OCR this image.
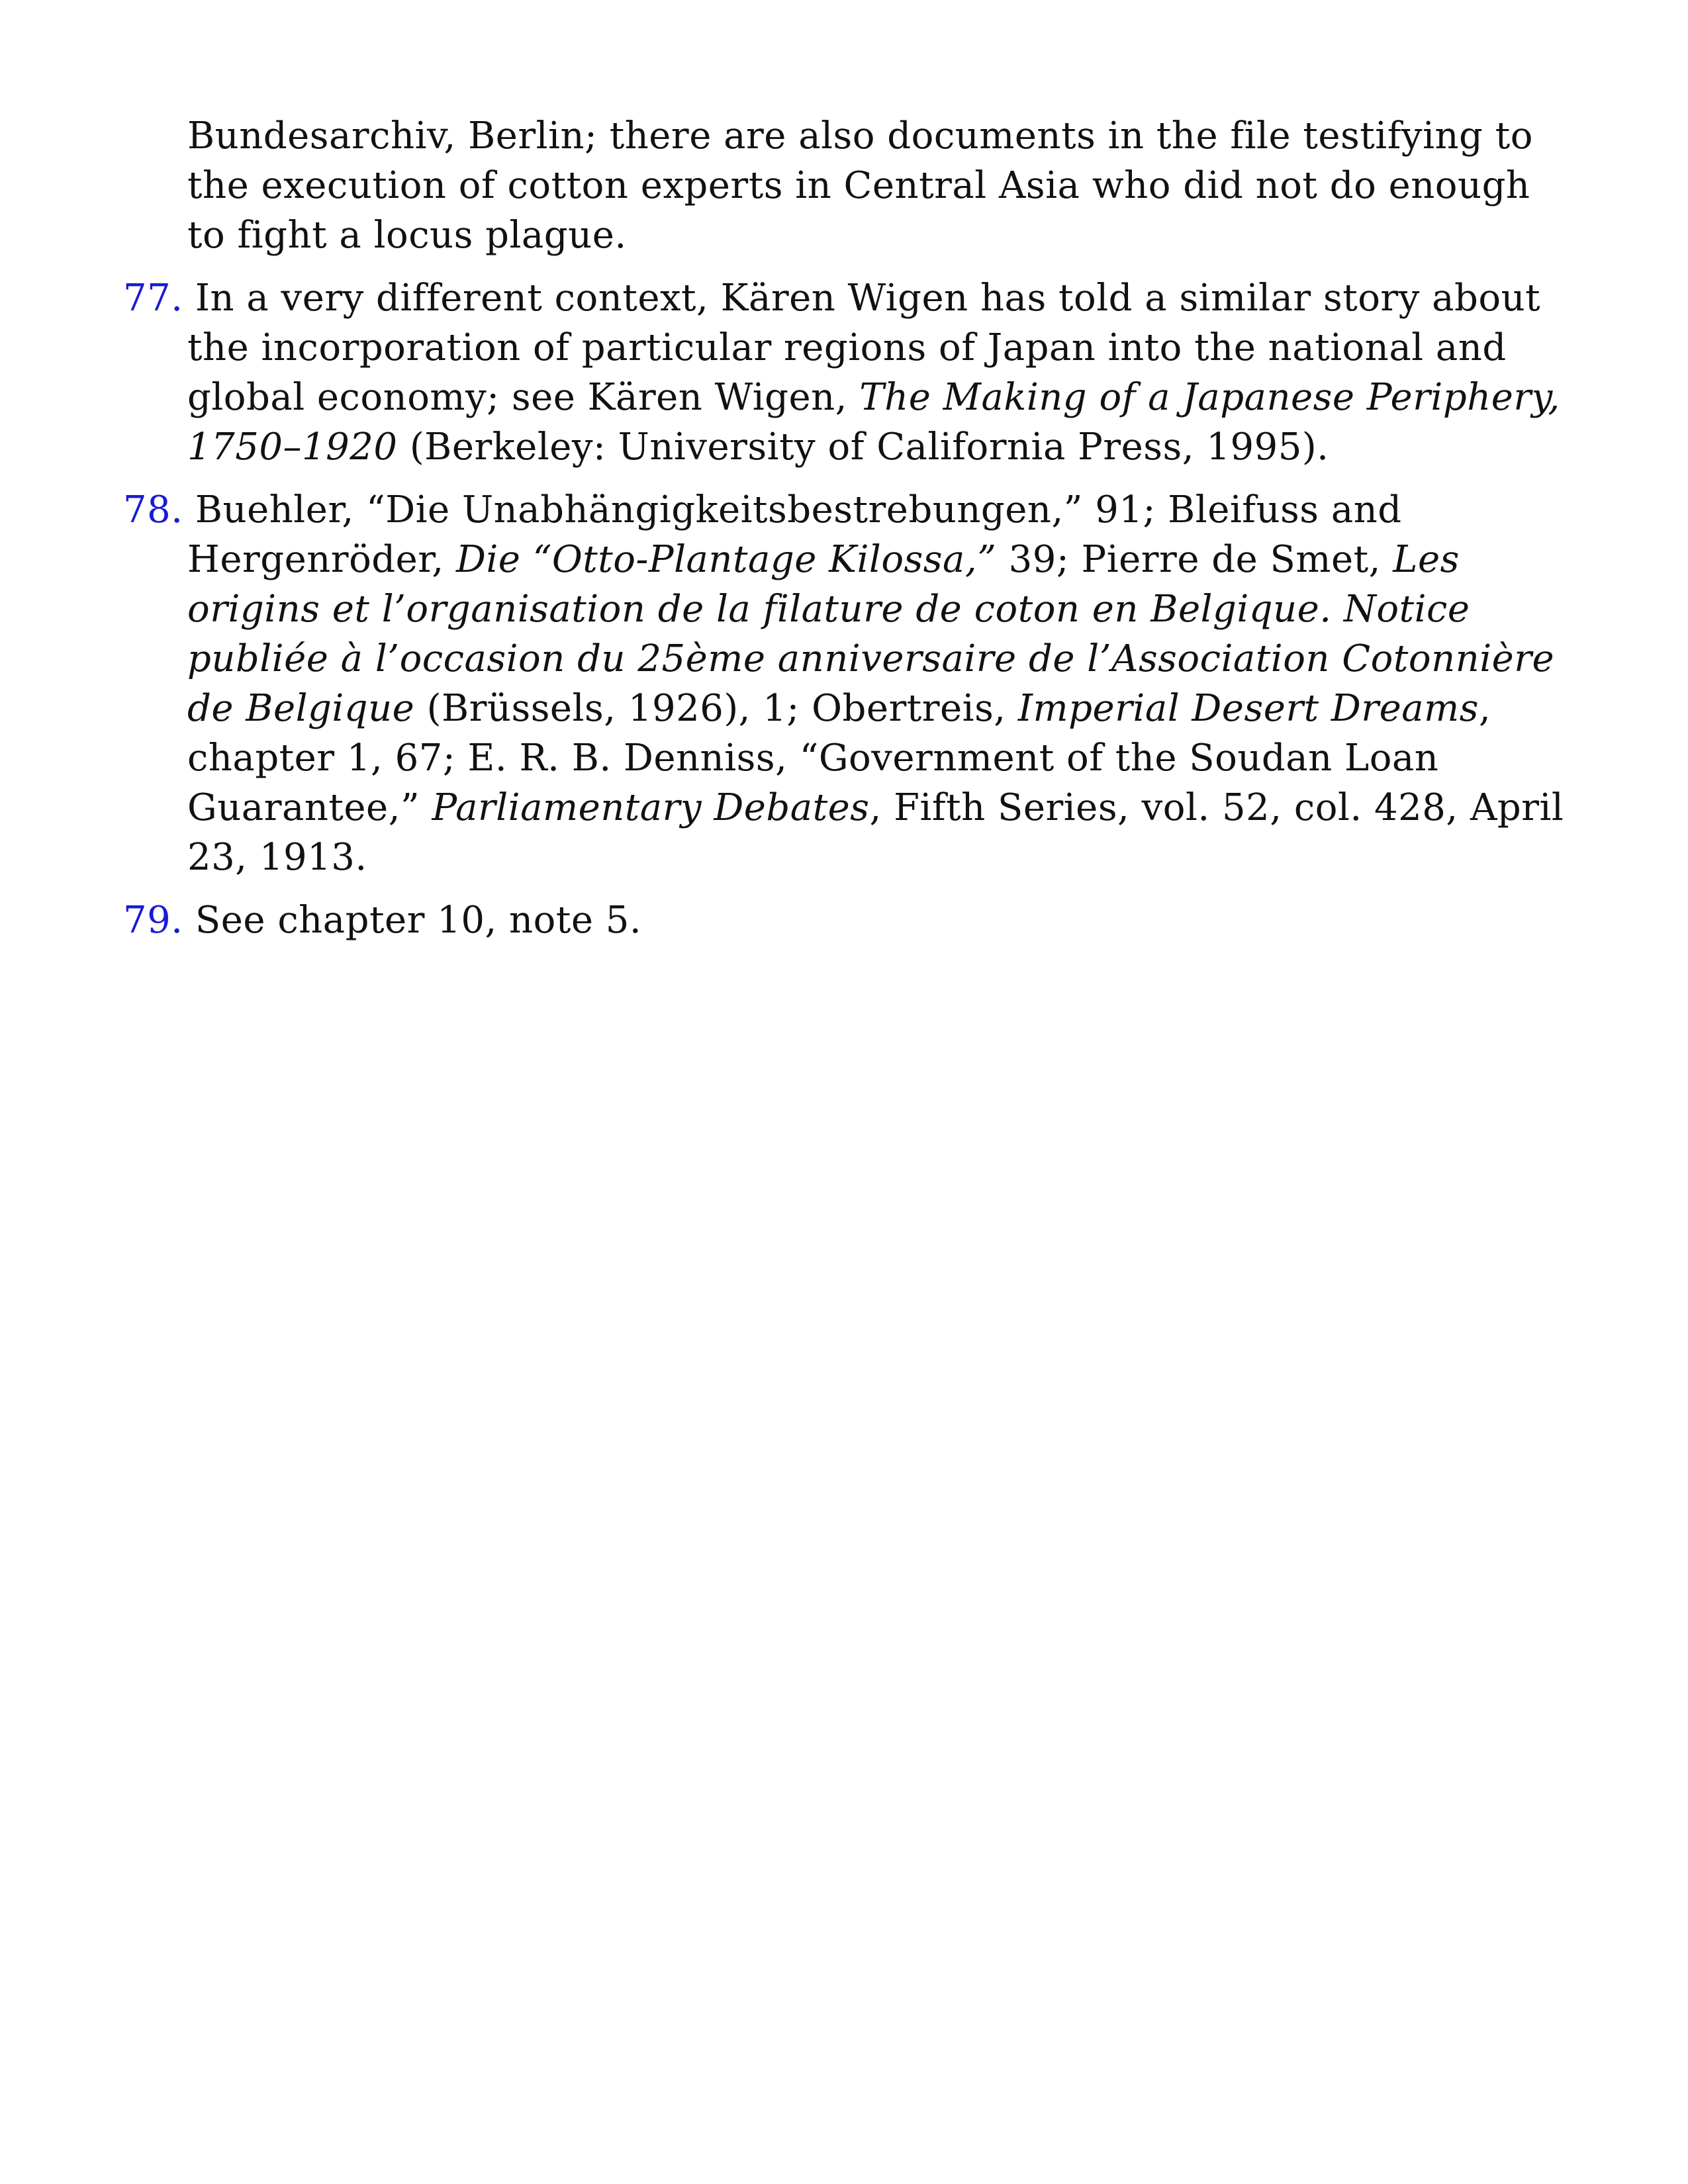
Bundesarchiv, Berlin; there are also documents in the file testifying to the execution of cotton experts in Central Asia who did not do enough to fight a locus plague.

77. In a very different context, Kären Wigen has told a similar story about the incorporation of particular regions of Japan into the national and global economy; see Kären Wigen, The Making of a Japanese Periphery, 1750–1920 (Berkeley: University of California Press, 1995).

78. Buehler, “Die Unabhängigkeitsbestrebungen,” 91; Bleifuss and Hergenröder, Die “Otto-Plantage Kilossa,” 39; Pierre de Smet, Les origins et l’organisation de la filature de coton en Belgique. Notice publiée à l’occasion du 25ème anniversaire de l’Association Cotonnière de Belgique (Brüssels, 1926), 1; Obertreis, Imperial Desert Dreams, chapter 1, 67; E. R. B. Denniss, “Government of the Soudan Loan Guarantee,” Parliamentary Debates, Fifth Series, vol. 52, col. 428, April 23, 1913.

79. See chapter 10, note 5.
